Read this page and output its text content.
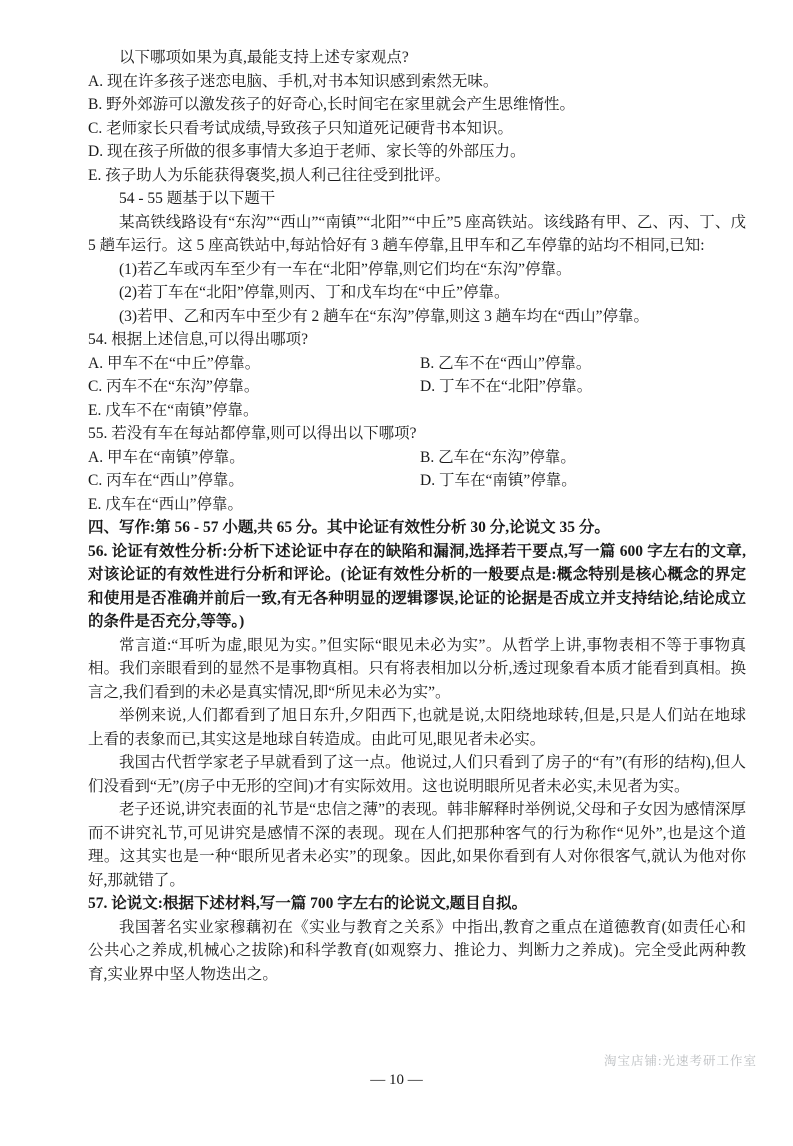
以下哪项如果为真,最能支持上述专家观点?

A. 现在许多孩子迷恋电脑、手机,对书本知识感到索然无味。

B. 野外郊游可以激发孩子的好奇心,长时间宅在家里就会产生思维惰性。

C. 老师家长只看考试成绩,导致孩子只知道死记硬背书本知识。

D. 现在孩子所做的很多事情大多迫于老师、家长等的外部压力。

E. 孩子助人为乐能获得褒奖,损人利己往往受到批评。

54 - 55 题基于以下题干

某高铁线路设有“东沟”“西山”“南镇”“北阳”“中丘”5 座高铁站。该线路有甲、乙、丙、丁、戊 5 趟车运行。这 5 座高铁站中,每站恰好有 3 趟车停靠,且甲车和乙车停靠的站均不相同,已知:

(1)若乙车或丙车至少有一车在“北阳”停靠,则它们均在“东沟”停靠。

(2)若丁车在“北阳”停靠,则丙、丁和戊车均在“中丘”停靠。

(3)若甲、乙和丙车中至少有 2 趟车在“东沟”停靠,则这 3 趟车均在“西山”停靠。

54. 根据上述信息,可以得出哪项?

A. 甲车不在“中丘”停靠。	B. 乙车不在“西山”停靠。
C. 丙车不在“东沟”停靠。	D. 丁车不在“北阳”停靠。

E. 戊车不在“南镇”停靠。

55. 若没有车在每站都停靠,则可以得出以下哪项?

A. 甲车在“南镇”停靠。	B. 乙车在“东沟”停靠。
C. 丙车在“西山”停靠。	D. 丁车在“南镇”停靠。

E. 戊车在“西山”停靠。

四、写作:第 56 - 57 小题,共 65 分。其中论证有效性分析 30 分,论说文 35 分。

56. 论证有效性分析:分析下述论证中存在的缺陷和漏洞,选择若干要点,写一篇 600 字左右的文章,对该论证的有效性进行分析和评论。(论证有效性分析的一般要点是:概念特别是核心概念的界定和使用是否准确并前后一致,有无各种明显的逻辑谬误,论证的论据是否成立并支持结论,结论成立的条件是否充分,等等。)

常言道:“耳听为虚,眼见为实。”但实际“眼见未必为实”。从哲学上讲,事物表相不等于事物真相。我们亲眼看到的显然不是事物真相。只有将表相加以分析,透过现象看本质才能看到真相。换言之,我们看到的未必是真实情况,即“所见未必为实”。

举例来说,人们都看到了旭日东升,夕阳西下,也就是说,太阳绕地球转,但是,只是人们站在地球上看的表象而已,其实这是地球自转造成。由此可见,眼见者未必实。

我国古代哲学家老子早就看到了这一点。他说过,人们只看到了房子的“有”(有形的结构),但人们没看到“无”(房子中无形的空间)才有实际效用。这也说明眼所见者未必实,未见者为实。

老子还说,讲究表面的礼节是“忠信之薄”的表现。韩非解释时举例说,父母和子女因为感情深厚而不讲究礼节,可见讲究是感情不深的表现。现在人们把那种客气的行为称作“见外”,也是这个道理。这其实也是一种“眼所见者未必实”的现象。因此,如果你看到有人对你很客气,就认为他对你好,那就错了。

57. 论说文:根据下述材料,写一篇 700 字左右的论说文,题目自拟。

我国著名实业家穆藕初在《实业与教育之关系》中指出,教育之重点在道德教育(如责任心和公共心之养成,机械心之拔除)和科学教育(如观察力、推论力、判断力之养成)。完全受此两种教育,实业界中坚人物迭出之。

淘宝店铺:光速考研工作室
— 10 —
